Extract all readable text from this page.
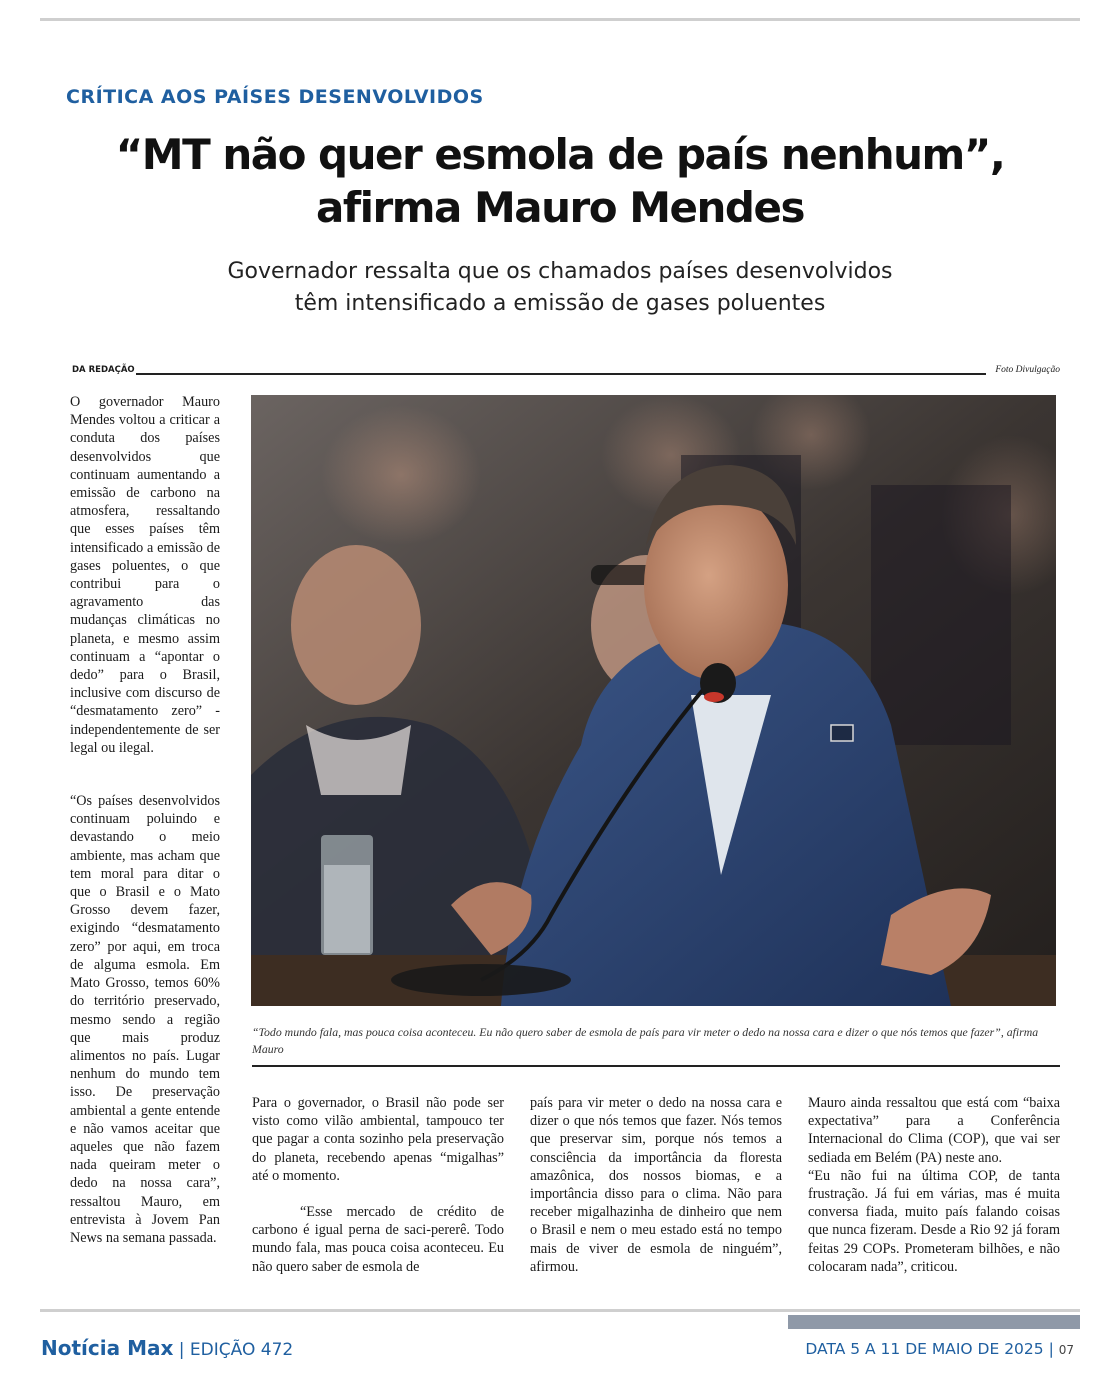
CRÍTICA AOS PAÍSES DESENVOLVIDOS
“MT não quer esmola de país nenhum”,
afirma Mauro Mendes
Governador ressalta que os chamados países desenvolvidos
têm intensificado a emissão de gases poluentes
DA REDAÇÃO	Foto Divulgação

O governador Mauro Mendes voltou a criticar a conduta dos países desenvolvidos que continuam aumentando a emissão de carbono na atmosfera, ressaltando que esses países têm intensificado a emissão de gases poluentes, o que contribui para o agravamento das mudanças climáticas no planeta, e mesmo assim continuam a “apontar o dedo” para o Brasil, inclusive com discurso de “desmatamento zero” - independentemente de ser legal ou ilegal.

“Os países desenvolvidos continuam poluindo e devastando o meio ambiente, mas acham que tem moral para ditar o que o Brasil e o Mato Grosso devem fazer, exigindo “desmatamento zero” por aqui, em troca de alguma esmola. Em Mato Grosso, temos 60% do território preservado, mesmo sendo a região que mais produz alimentos no país. Lugar nenhum do mundo tem isso. De preservação ambiental a gente entende e não vamos aceitar que aqueles que não fazem nada queiram meter o dedo na nossa cara”, ressaltou Mauro, em entrevista à Jovem Pan News na semana passada.

“Todo mundo fala, mas pouca coisa aconteceu. Eu não quero saber de esmola de país para vir meter o dedo na nossa cara e dizer o que nós temos que fazer”, afirma Mauro

Para o governador, o Brasil não pode ser visto como vilão ambiental, tampouco ter que pagar a conta sozinho pela preservação do planeta, recebendo apenas “migalhas” até o momento.

“Esse mercado de crédito de carbono é igual perna de saci-pererê. Todo mundo fala, mas pouca coisa aconteceu. Eu não quero saber de esmola de

país para vir meter o dedo na nossa cara e dizer o que nós temos que fazer. Nós temos que preservar sim, porque nós temos a consciência da importância da floresta amazônica, dos nossos biomas, e a importância disso para o clima. Não para receber migalhazinha de dinheiro que nem o Brasil e nem o meu estado está no tempo mais de viver de esmola de ninguém”, afirmou.

Mauro ainda ressaltou que está com “baixa expectativa” para a Conferência Internacional do Clima (COP), que vai ser sediada em Belém (PA) neste ano.

“Eu não fui na última COP, de tanta frustração. Já fui em várias, mas é muita conversa fiada, muito país falando coisas que nunca fizeram. Desde a Rio 92 já foram feitas 29 COPs. Prometeram bilhões, e não colocaram nada”, criticou.

Notícia Max | EDIÇÃO 472	DATA 5 A 11 DE MAIO DE 2025 | 07
